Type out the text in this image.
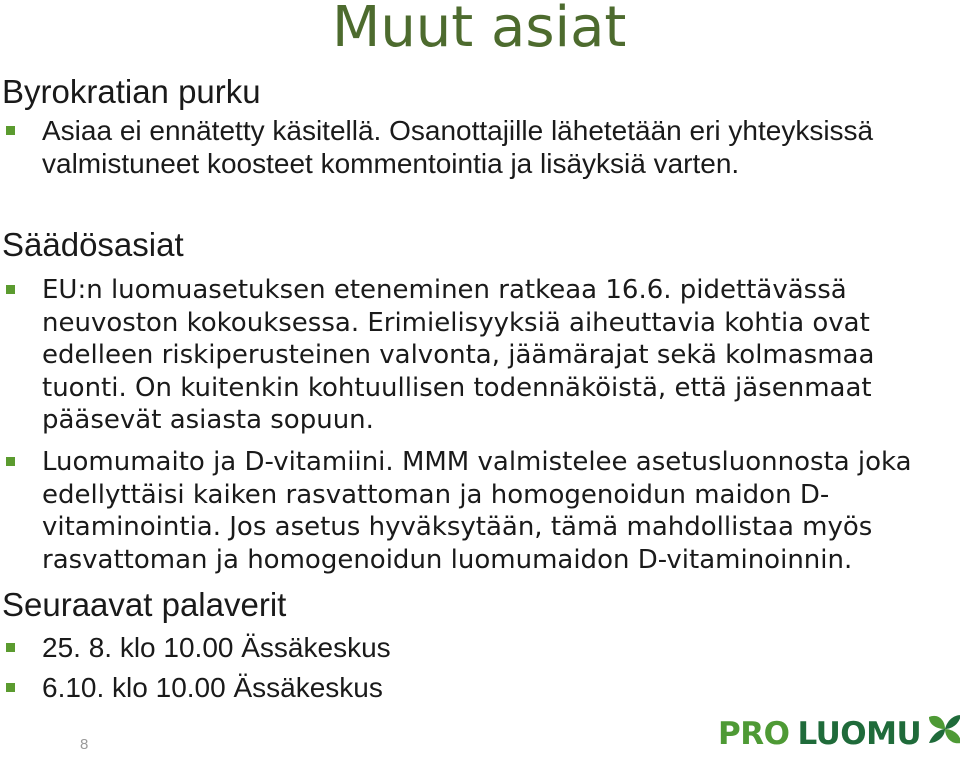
Muut asiat
Byrokratian purku
Asiaa ei ennätetty käsitellä. Osanottajille lähetetään eri yhteyksissä valmistuneet koosteet kommentointia ja lisäyksiä varten.
Säädösasiat
EU:n luomuasetuksen eteneminen ratkeaa 16.6. pidettävässä neuvoston kokouksessa. Erimielisyyksiä aiheuttavia kohtia ovat edelleen riskiperusteinen valvonta, jäämärajat sekä kolmasmaa tuonti. On kuitenkin kohtuullisen todennäköistä, että jäsenmaat pääsevät asiasta sopuun.
Luomumaito ja D-vitamiini. MMM valmistelee asetusluonnosta joka edellyttäisi kaiken rasvattoman ja homogenoidun maidon D-vitaminointia. Jos asetus hyväksytään, tämä mahdollistaa myös rasvattoman ja homogenoidun luomumaidon D-vitaminoinnin.
Seuraavat palaverit
25. 8. klo 10.00 Ässäkeskus
6.10. klo 10.00 Ässäkeskus
8	PRO LUOMU
